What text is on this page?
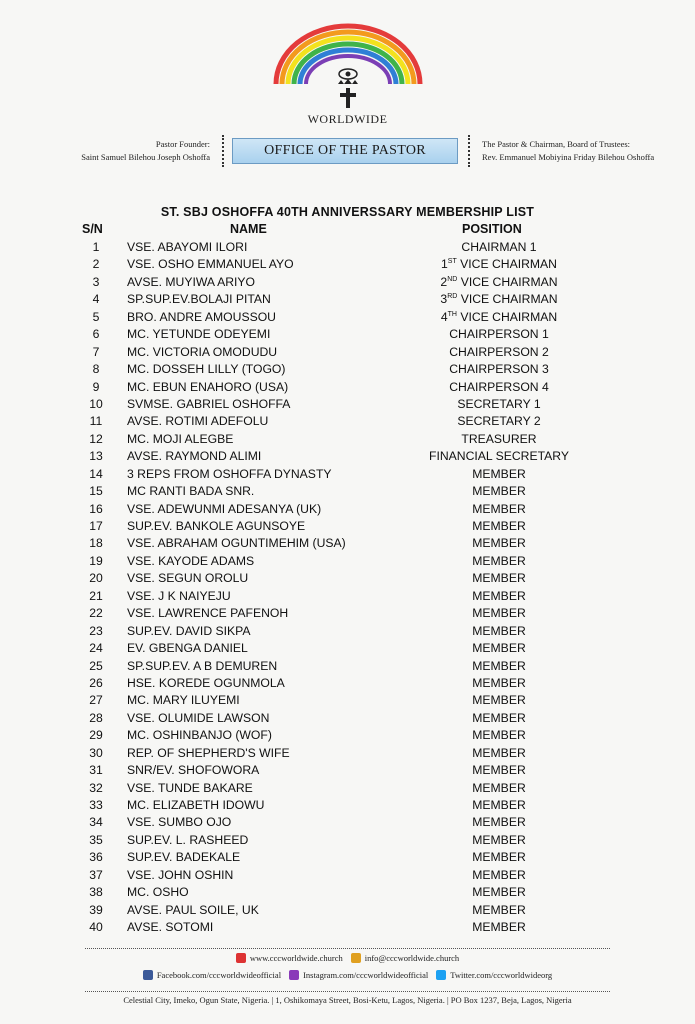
WORLDWIDE
Pastor Founder:
Saint Samuel Bilehou Joseph Oshoffa	OFFICE OF THE PASTOR	The Pastor & Chairman, Board of Trustees:
Rev. Emmanuel Mobiyina Friday Bilehou Oshoffa
ST. SBJ OSHOFFA 40TH ANNIVERSSARY MEMBERSHIP LIST
S/N	NAME	POSITION
1	VSE. ABAYOMI ILORI	CHAIRMAN 1
2	VSE. OSHO EMMANUEL AYO	1ST VICE CHAIRMAN
3	AVSE. MUYIWA ARIYO	2ND VICE CHAIRMAN
4	SP.SUP.EV.BOLAJI PITAN	3RD VICE CHAIRMAN
5	BRO. ANDRE AMOUSSOU	4TH VICE CHAIRMAN
6	MC. YETUNDE ODEYEMI	CHAIRPERSON 1
7	MC. VICTORIA OMODUDU	CHAIRPERSON 2
8	MC. DOSSEH LILLY (TOGO)	CHAIRPERSON 3
9	MC. EBUN ENAHORO (USA)	CHAIRPERSON 4
10	SVMSE. GABRIEL OSHOFFA	SECRETARY 1
11	AVSE. ROTIMI ADEFOLU	SECRETARY 2
12	MC. MOJI ALEGBE	TREASURER
13	AVSE. RAYMOND ALIMI	FINANCIAL SECRETARY
14	3 REPS FROM OSHOFFA DYNASTY	MEMBER
15	MC RANTI BADA SNR.	MEMBER
16	VSE. ADEWUNMI ADESANYA (UK)	MEMBER
17	SUP.EV. BANKOLE AGUNSOYE	MEMBER
18	VSE. ABRAHAM OGUNTIMEHIM (USA)	MEMBER
19	VSE. KAYODE ADAMS	MEMBER
20	VSE. SEGUN OROLU	MEMBER
21	VSE. J K NAIYEJU	MEMBER
22	VSE. LAWRENCE PAFENOH	MEMBER
23	SUP.EV. DAVID SIKPA	MEMBER
24	EV. GBENGA DANIEL	MEMBER
25	SP.SUP.EV. A B DEMUREN	MEMBER
26	HSE. KOREDE OGUNMOLA	MEMBER
27	MC. MARY ILUYEMI	MEMBER
28	VSE. OLUMIDE LAWSON	MEMBER
29	MC. OSHINBANJO (WOF)	MEMBER
30	REP. OF SHEPHERD'S WIFE	MEMBER
31	SNR/EV. SHOFOWORA	MEMBER
32	VSE. TUNDE BAKARE	MEMBER
33	MC. ELIZABETH IDOWU	MEMBER
34	VSE. SUMBO OJO	MEMBER
35	SUP.EV. L. RASHEED	MEMBER
36	SUP.EV. BADEKALE	MEMBER
37	VSE. JOHN OSHIN	MEMBER
38	MC. OSHO	MEMBER
39	AVSE. PAUL SOILE, UK	MEMBER
40	AVSE. SOTOMI	MEMBER
www.cccworldwide.church	info@cccworldwide.church
Facebook.com/cccworldwideofficial	Instagram.com/cccworldwideofficial	Twitter.com/cccworldwideorg
Celestial City, Imeko, Ogun State, Nigeria. | 1, Oshikomaya Street, Bosi-Ketu, Lagos, Nigeria. | PO Box 1237, Beja, Lagos, Nigeria
